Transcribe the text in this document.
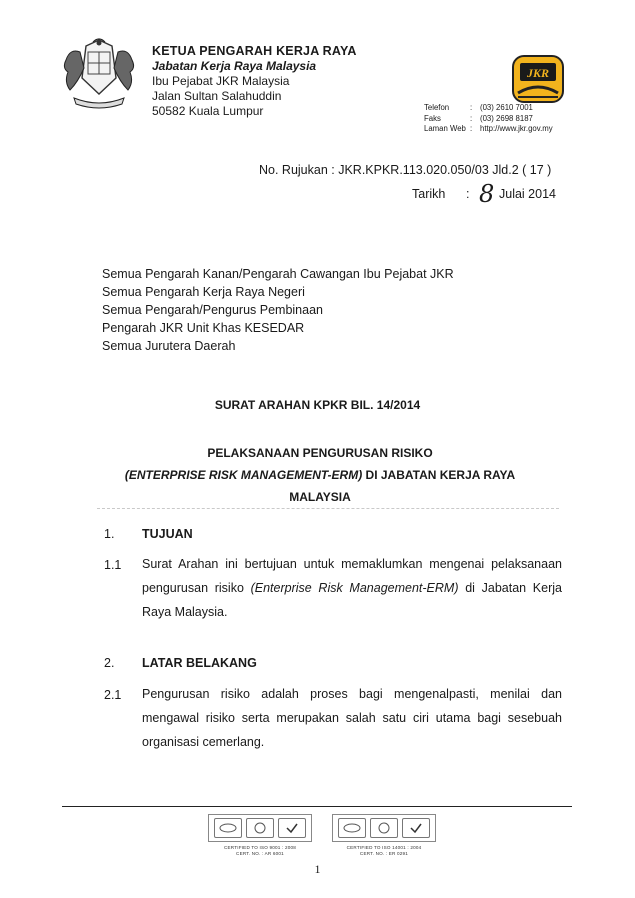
KETUA PENGARAH KERJA RAYA
Jabatan Kerja Raya Malaysia
Ibu Pejabat JKR Malaysia
Jalan Sultan Salahuddin
50582 Kuala Lumpur
JKR
Telefon	:	(03) 2610 7001
Faks	:	(03) 2698 8187
Laman Web :	http://www.jkr.gov.my
No. Rujukan : JKR.KPKR.113.020.050/03 Jld.2 ( 17 )
Tarikh : 8 Julai 2014
Semua Pengarah Kanan/Pengarah Cawangan Ibu Pejabat JKR
Semua Pengarah Kerja Raya Negeri
Semua Pengarah/Pengurus Pembinaan
Pengarah JKR Unit Khas KESEDAR
Semua Jurutera Daerah
SURAT ARAHAN KPKR BIL. 14/2014
PELAKSANAAN PENGURUSAN RISIKO
(ENTERPRISE RISK MANAGEMENT-ERM) DI JABATAN KERJA RAYA
MALAYSIA
1. TUJUAN
1.1 Surat Arahan ini bertujuan untuk memaklumkan mengenai pelaksanaan
pengurusan risiko (Enterprise Risk Management-ERM) di Jabatan Kerja
Raya Malaysia.
2. LATAR BELAKANG
2.1 Pengurusan risiko adalah proses bagi mengenalpasti, menilai dan
mengawal risiko serta merupakan salah satu ciri utama bagi sesebuah
organisasi cemerlang.
CERTIFIED TO ISO 9001 : 2008
CERT. NO. : AR 6001
CERTIFIED TO ISO 14001 : 2004
CERT. NO. : ER 0291
1
